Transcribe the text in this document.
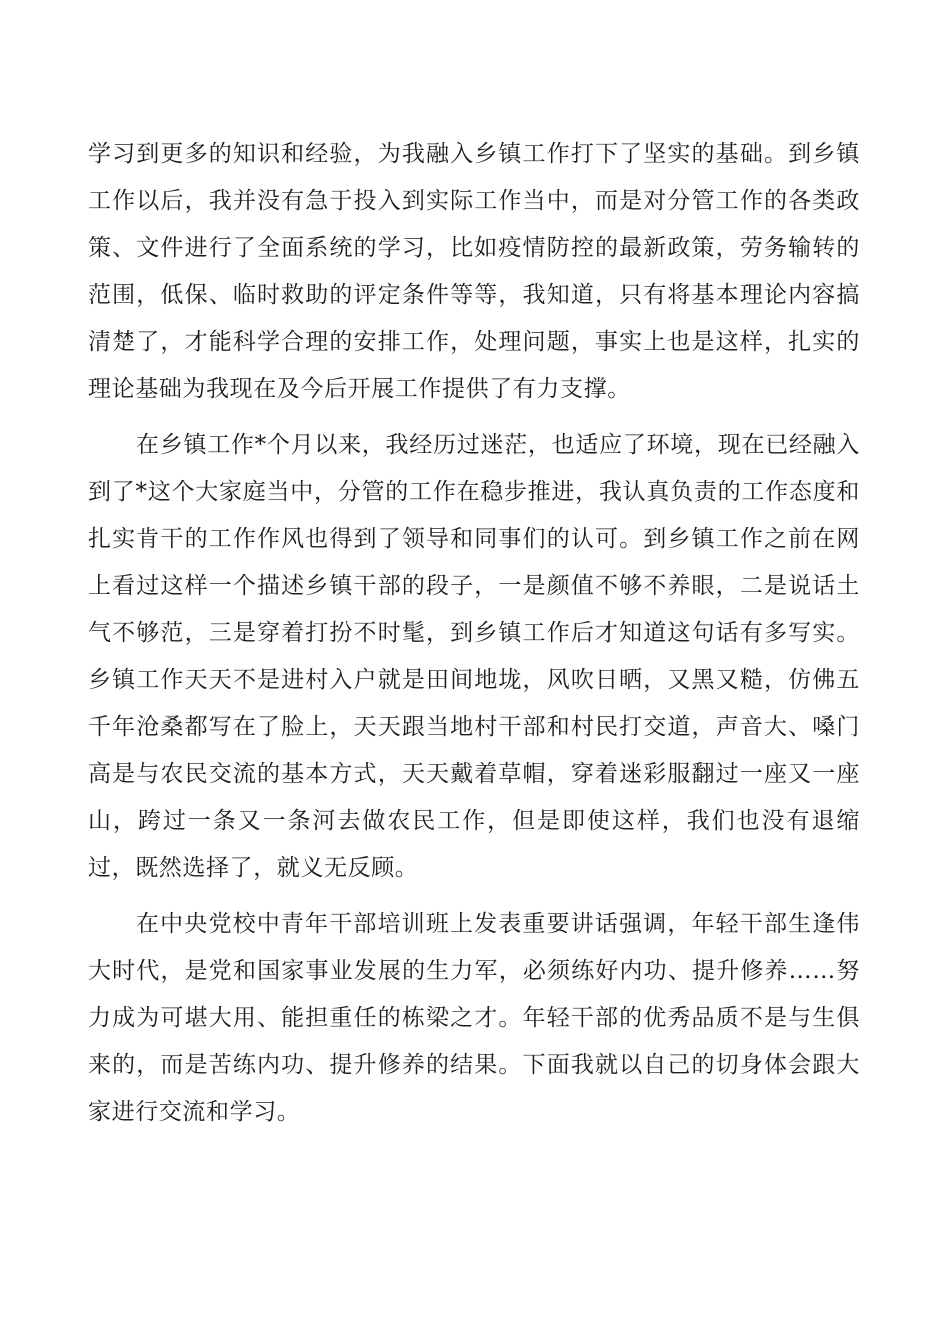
学习到更多的知识和经验，为我融入乡镇工作打下了坚实的基础。到乡镇工作以后，我并没有急于投入到实际工作当中，而是对分管工作的各类政策、文件进行了全面系统的学习，比如疫情防控的最新政策，劳务输转的范围，低保、临时救助的评定条件等等，我知道，只有将基本理论内容搞清楚了，才能科学合理的安排工作，处理问题，事实上也是这样，扎实的理论基础为我现在及今后开展工作提供了有力支撑。

在乡镇工作*个月以来，我经历过迷茫，也适应了环境，现在已经融入到了*这个大家庭当中，分管的工作在稳步推进，我认真负责的工作态度和扎实肯干的工作作风也得到了领导和同事们的认可。到乡镇工作之前在网上看过这样一个描述乡镇干部的段子，一是颜值不够不养眼，二是说话土气不够范，三是穿着打扮不时髦，到乡镇工作后才知道这句话有多写实。乡镇工作天天不是进村入户就是田间地垅，风吹日晒，又黑又糙，仿佛五千年沧桑都写在了脸上，天天跟当地村干部和村民打交道，声音大、嗓门高是与农民交流的基本方式，天天戴着草帽，穿着迷彩服翻过一座又一座山，跨过一条又一条河去做农民工作，但是即使这样，我们也没有退缩过，既然选择了，就义无反顾。

在中央党校中青年干部培训班上发表重要讲话强调，年轻干部生逢伟大时代，是党和国家事业发展的生力军，必须练好内功、提升修养……努力成为可堪大用、能担重任的栋梁之才。年轻干部的优秀品质不是与生俱来的，而是苦练内功、提升修养的结果。下面我就以自己的切身体会跟大家进行交流和学习。
